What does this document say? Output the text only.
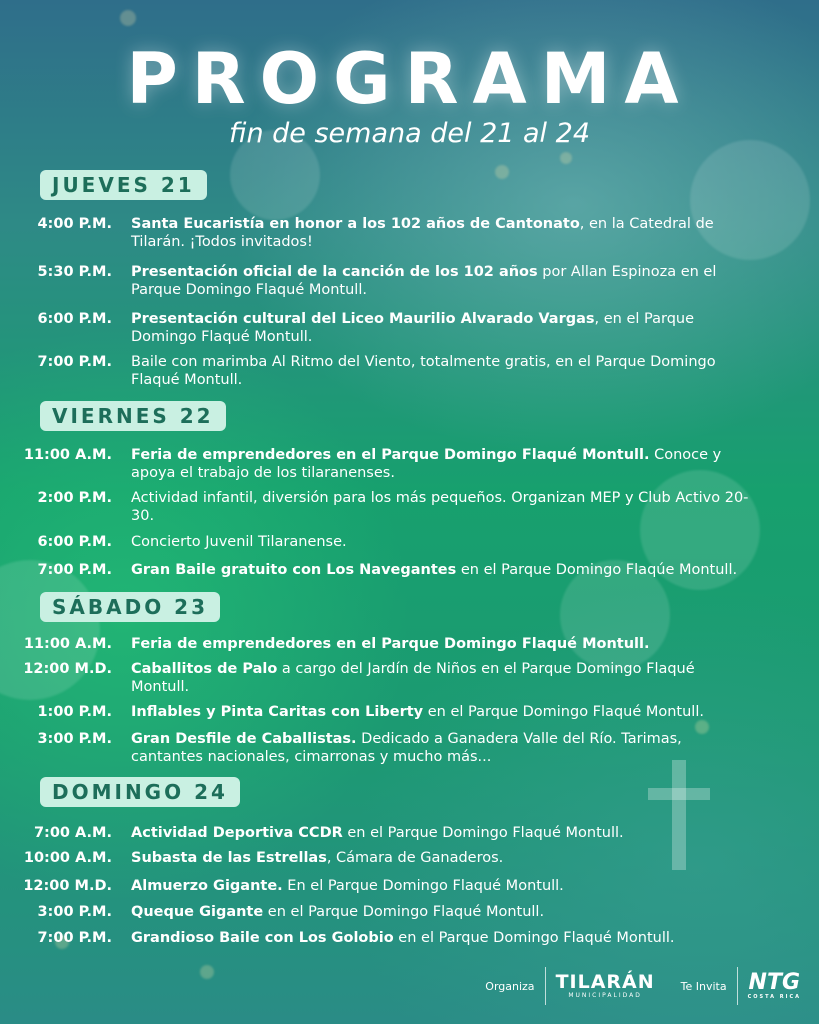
PROGRAMA
fin de semana del 21 al 24
JUEVES 21
4:00 P.M. Santa Eucaristía en honor a los 102 años de Cantonato, en la Catedral de Tilarán. ¡Todos invitados!
5:30 P.M. Presentación oficial de la canción de los 102 años por Allan Espinoza en el Parque Domingo Flaqué Montull.
6:00 P.M. Presentación cultural del Liceo Maurilio Alvarado Vargas, en el Parque Domingo Flaqué Montull.
7:00 P.M. Baile con marimba Al Ritmo del Viento, totalmente gratis, en el Parque Domingo Flaqué Montull.
VIERNES 22
11:00 A.M. Feria de emprendedores en el Parque Domingo Flaqué Montull. Conoce y apoya el trabajo de los tilaranenses.
2:00 P.M. Actividad infantil, diversión para los más pequeños. Organizan MEP y Club Activo 20-30.
6:00 P.M. Concierto Juvenil Tilaranense.
7:00 P.M. Gran Baile gratuito con Los Navegantes en el Parque Domingo Flaqúe Montull.
SÁBADO 23
11:00 A.M. Feria de emprendedores en el Parque Domingo Flaqué Montull.
12:00 M.D. Caballitos de Palo a cargo del Jardín de Niños en el Parque Domingo Flaqué Montull.
1:00 P.M. Inflables y Pinta Caritas con Liberty en el Parque Domingo Flaqué Montull.
3:00 P.M. Gran Desfile de Caballistas. Dedicado a Ganadera Valle del Río. Tarimas, cantantes nacionales, cimarronas y mucho más...
DOMINGO 24
7:00 A.M. Actividad Deportiva CCDR en el Parque Domingo Flaqué Montull.
10:00 A.M. Subasta de las Estrellas, Cámara de Ganaderos.
12:00 M.D. Almuerzo Gigante. En el Parque Domingo Flaqué Montull.
3:00 P.M. Queque Gigante en el Parque Domingo Flaqué Montull.
7:00 P.M. Grandioso Baile con Los Golobio en el Parque Domingo Flaqué Montull.
Organiza TILARÁN
MUNICIPALIDAD
Te Invita NTG
COSTA RICA
